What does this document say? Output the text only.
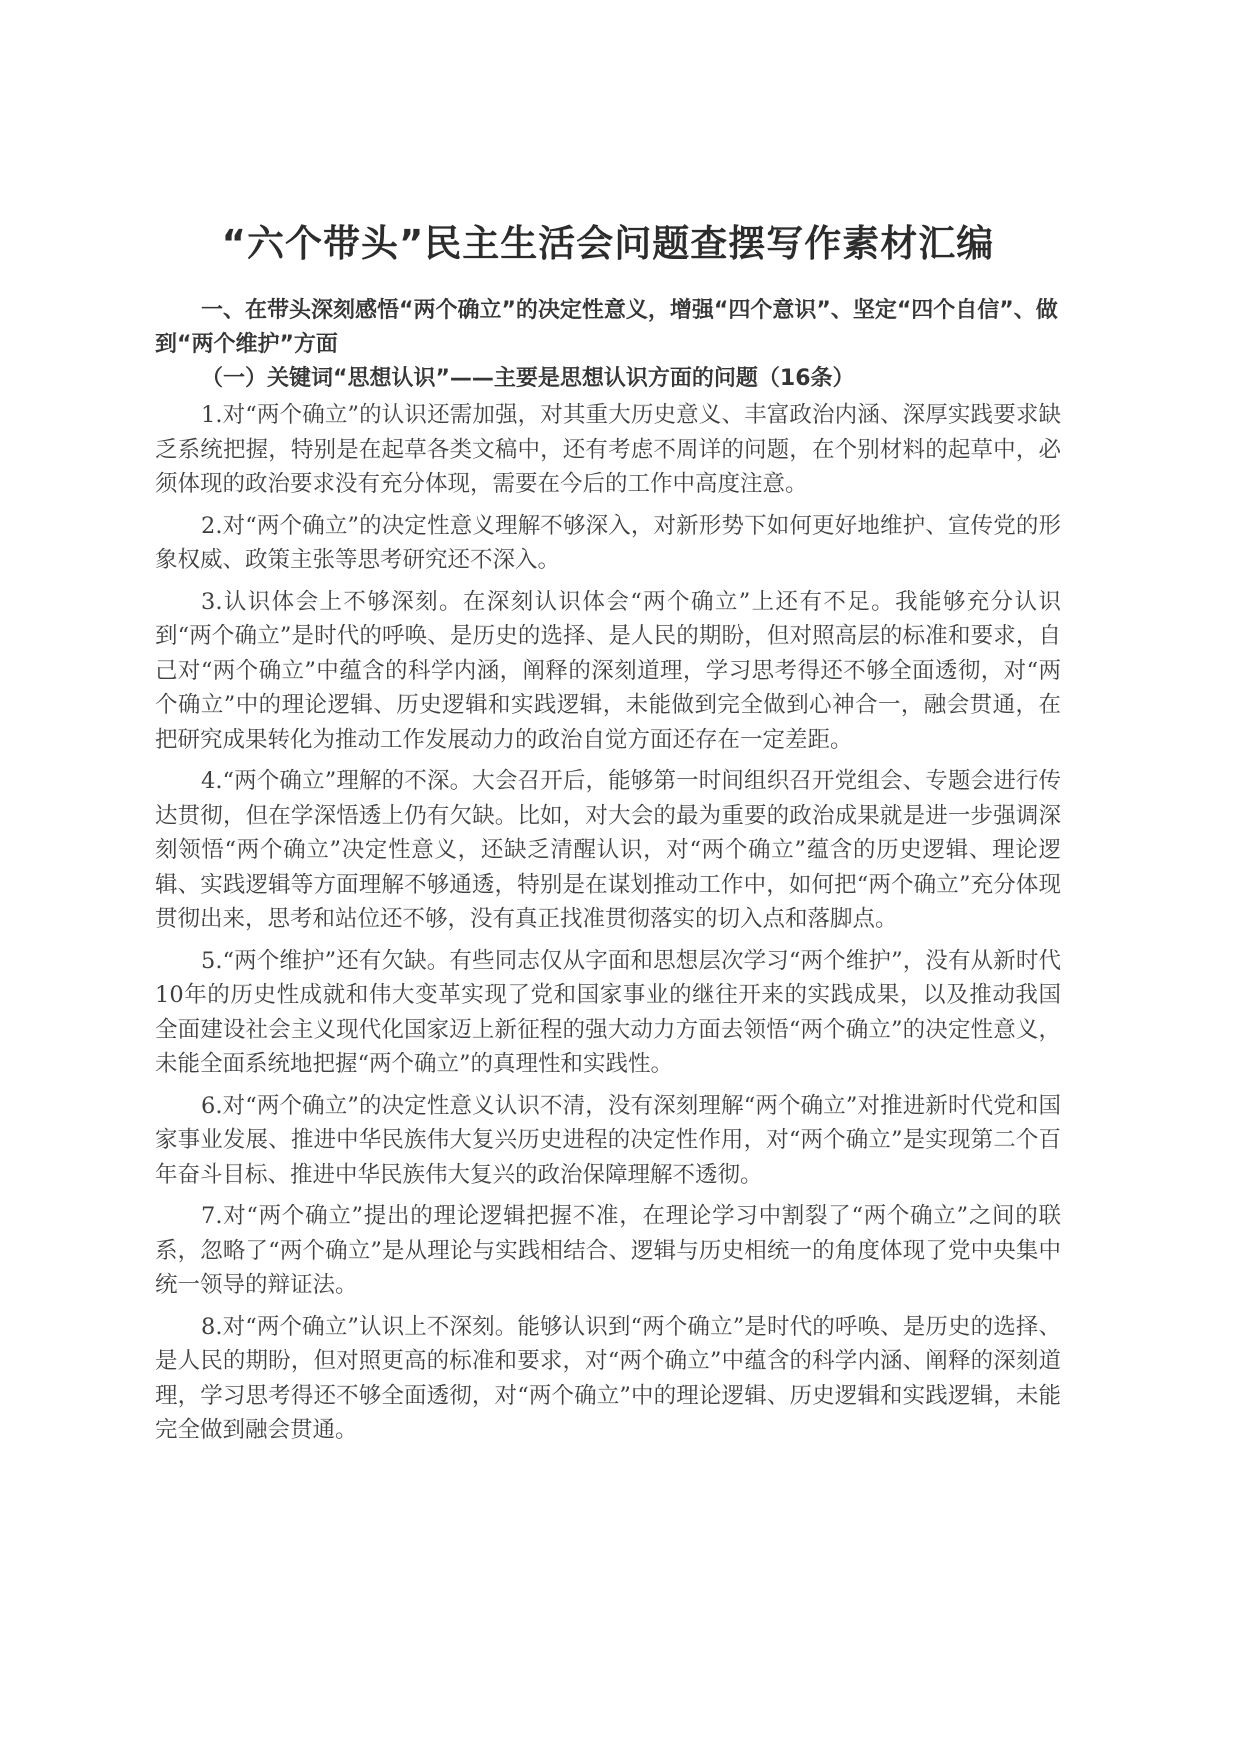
“六个带头”民主生活会问题查摆写作素材汇编

一、在带头深刻感悟“两个确立”的决定性意义，增强“四个意识”、坚定“四个自信”、做到“两个维护”方面

（一）关键词“思想认识”——主要是思想认识方面的问题（16条）

1.对“两个确立”的认识还需加强，对其重大历史意义、丰富政治内涵、深厚实践要求缺乏系统把握，特别是在起草各类文稿中，还有考虑不周详的问题，在个别材料的起草中，必须体现的政治要求没有充分体现，需要在今后的工作中高度注意。

2.对“两个确立”的决定性意义理解不够深入，对新形势下如何更好地维护、宣传党的形象权威、政策主张等思考研究还不深入。

3.认识体会上不够深刻。在深刻认识体会“两个确立”上还有不足。我能够充分认识到“两个确立”是时代的呼唤、是历史的选择、是人民的期盼，但对照高层的标准和要求，自己对“两个确立”中蕴含的科学内涵，阐释的深刻道理，学习思考得还不够全面透彻，对“两个确立”中的理论逻辑、历史逻辑和实践逻辑，未能做到完全做到心神合一，融会贯通，在把研究成果转化为推动工作发展动力的政治自觉方面还存在一定差距。

4.“两个确立”理解的不深。大会召开后，能够第一时间组织召开党组会、专题会进行传达贯彻，但在学深悟透上仍有欠缺。比如，对大会的最为重要的政治成果就是进一步强调深刻领悟“两个确立”决定性意义，还缺乏清醒认识，对“两个确立”蕴含的历史逻辑、理论逻辑、实践逻辑等方面理解不够通透，特别是在谋划推动工作中，如何把“两个确立”充分体现贯彻出来，思考和站位还不够，没有真正找准贯彻落实的切入点和落脚点。

5.“两个维护”还有欠缺。有些同志仅从字面和思想层次学习“两个维护”，没有从新时代10年的历史性成就和伟大变革实现了党和国家事业的继往开来的实践成果，以及推动我国全面建设社会主义现代化国家迈上新征程的强大动力方面去领悟“两个确立”的决定性意义，未能全面系统地把握“两个确立”的真理性和实践性。

6.对“两个确立”的决定性意义认识不清，没有深刻理解“两个确立”对推进新时代党和国家事业发展、推进中华民族伟大复兴历史进程的决定性作用，对“两个确立”是实现第二个百年奋斗目标、推进中华民族伟大复兴的政治保障理解不透彻。

7.对“两个确立”提出的理论逻辑把握不准，在理论学习中割裂了“两个确立”之间的联系，忽略了“两个确立”是从理论与实践相结合、逻辑与历史相统一的角度体现了党中央集中统一领导的辩证法。

8.对“两个确立”认识上不深刻。能够认识到“两个确立”是时代的呼唤、是历史的选择、是人民的期盼，但对照更高的标准和要求，对“两个确立”中蕴含的科学内涵、阐释的深刻道理，学习思考得还不够全面透彻，对“两个确立”中的理论逻辑、历史逻辑和实践逻辑，未能完全做到融会贯通。
